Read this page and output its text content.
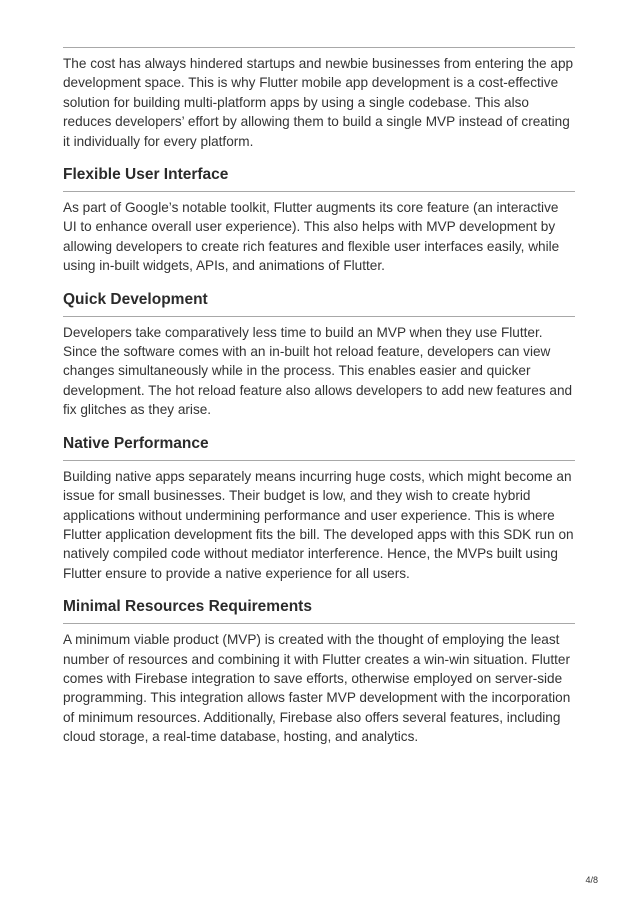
The cost has always hindered startups and newbie businesses from entering the app development space. This is why Flutter mobile app development is a cost-effective solution for building multi-platform apps by using a single codebase. This also reduces developers’ effort by allowing them to build a single MVP instead of creating it individually for every platform.

Flexible User Interface

As part of Google’s notable toolkit, Flutter augments its core feature (an interactive UI to enhance overall user experience). This also helps with MVP development by allowing developers to create rich features and flexible user interfaces easily, while using in-built widgets, APIs, and animations of Flutter.

Quick Development

Developers take comparatively less time to build an MVP when they use Flutter. Since the software comes with an in-built hot reload feature, developers can view changes simultaneously while in the process. This enables easier and quicker development. The hot reload feature also allows developers to add new features and fix glitches as they arise.

Native Performance

Building native apps separately means incurring huge costs, which might become an issue for small businesses. Their budget is low, and they wish to create hybrid applications without undermining performance and user experience. This is where Flutter application development fits the bill. The developed apps with this SDK run on natively compiled code without mediator interference. Hence, the MVPs built using Flutter ensure to provide a native experience for all users.

Minimal Resources Requirements

A minimum viable product (MVP) is created with the thought of employing the least number of resources and combining it with Flutter creates a win-win situation. Flutter comes with Firebase integration to save efforts, otherwise employed on server-side programming. This integration allows faster MVP development with the incorporation of minimum resources. Additionally, Firebase also offers several features, including cloud storage, a real-time database, hosting, and analytics.

4/8
